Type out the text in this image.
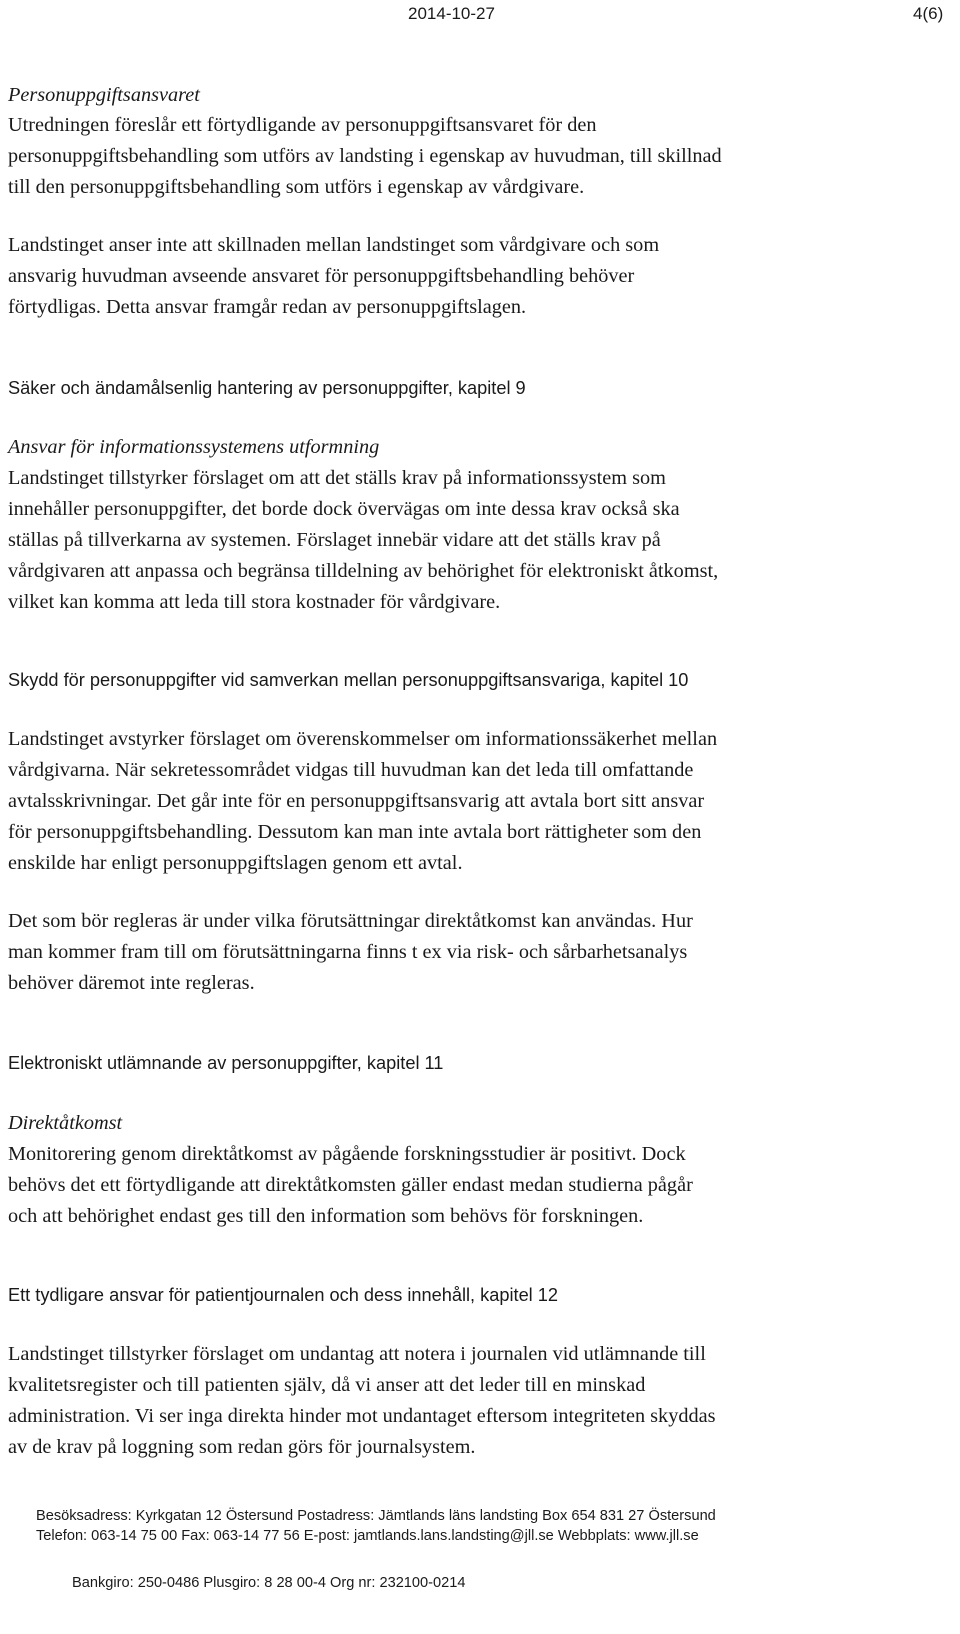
2014-10-27	4(6)
Personuppgiftsansvaret
Utredningen föreslår ett förtydligande av personuppgiftsansvaret för den
personuppgiftsbehandling som utförs av landsting i egenskap av huvudman, till skillnad
till den personuppgiftsbehandling som utförs i egenskap av vårdgivare.
Landstinget anser inte att skillnaden mellan landstinget som vårdgivare och som
ansvarig huvudman avseende ansvaret för personuppgiftsbehandling behöver
förtydligas. Detta ansvar framgår redan av personuppgiftslagen.
Säker och ändamålsenlig hantering av personuppgifter, kapitel 9
Ansvar för informationssystemens utformning
Landstinget tillstyrker förslaget om att det ställs krav på informationssystem som
innehåller personuppgifter, det borde dock övervägas om inte dessa krav också ska
ställas på tillverkarna av systemen. Förslaget innebär vidare att det ställs krav på
vårdgivaren att anpassa och begränsa tilldelning av behörighet för elektroniskt åtkomst,
vilket kan komma att leda till stora kostnader för vårdgivare.
Skydd för personuppgifter vid samverkan mellan personuppgiftsansvariga, kapitel 10
Landstinget avstyrker förslaget om överenskommelser om informationssäkerhet mellan
vårdgivarna. När sekretessområdet vidgas till huvudman kan det leda till omfattande
avtalsskrivningar. Det går inte för en personuppgiftsansvarig att avtala bort sitt ansvar
för personuppgiftsbehandling. Dessutom kan man inte avtala bort rättigheter som den
enskilde har enligt personuppgiftslagen genom ett avtal.
Det som bör regleras är under vilka förutsättningar direktåtkomst kan användas. Hur
man kommer fram till om förutsättningarna finns t ex via risk- och sårbarhetsanalys
behöver däremot inte regleras.
Elektroniskt utlämnande av personuppgifter, kapitel 11
Direktåtkomst
Monitorering genom direktåtkomst av pågående forskningsstudier är positivt. Dock
behövs det ett förtydligande att direktåtkomsten gäller endast medan studierna pågår
och att behörighet endast ges till den information som behövs för forskningen.
Ett tydligare ansvar för patientjournalen och dess innehåll, kapitel 12
Landstinget tillstyrker förslaget om undantag att notera i journalen vid utlämnande till
kvalitetsregister och till patienten själv, då vi anser att det leder till en minskad
administration. Vi ser inga direkta hinder mot undantaget eftersom integriteten skyddas
av de krav på loggning som redan görs för journalsystem.
Besöksadress: Kyrkgatan 12 Östersund Postadress: Jämtlands läns landsting Box 654 831 27 Östersund
Telefon: 063-14 75 00 Fax: 063-14 77 56 E-post: jamtlands.lans.landsting@jll.se Webbplats: www.jll.se
Bankgiro: 250-0486 Plusgiro: 8 28 00-4 Org nr: 232100-0214
